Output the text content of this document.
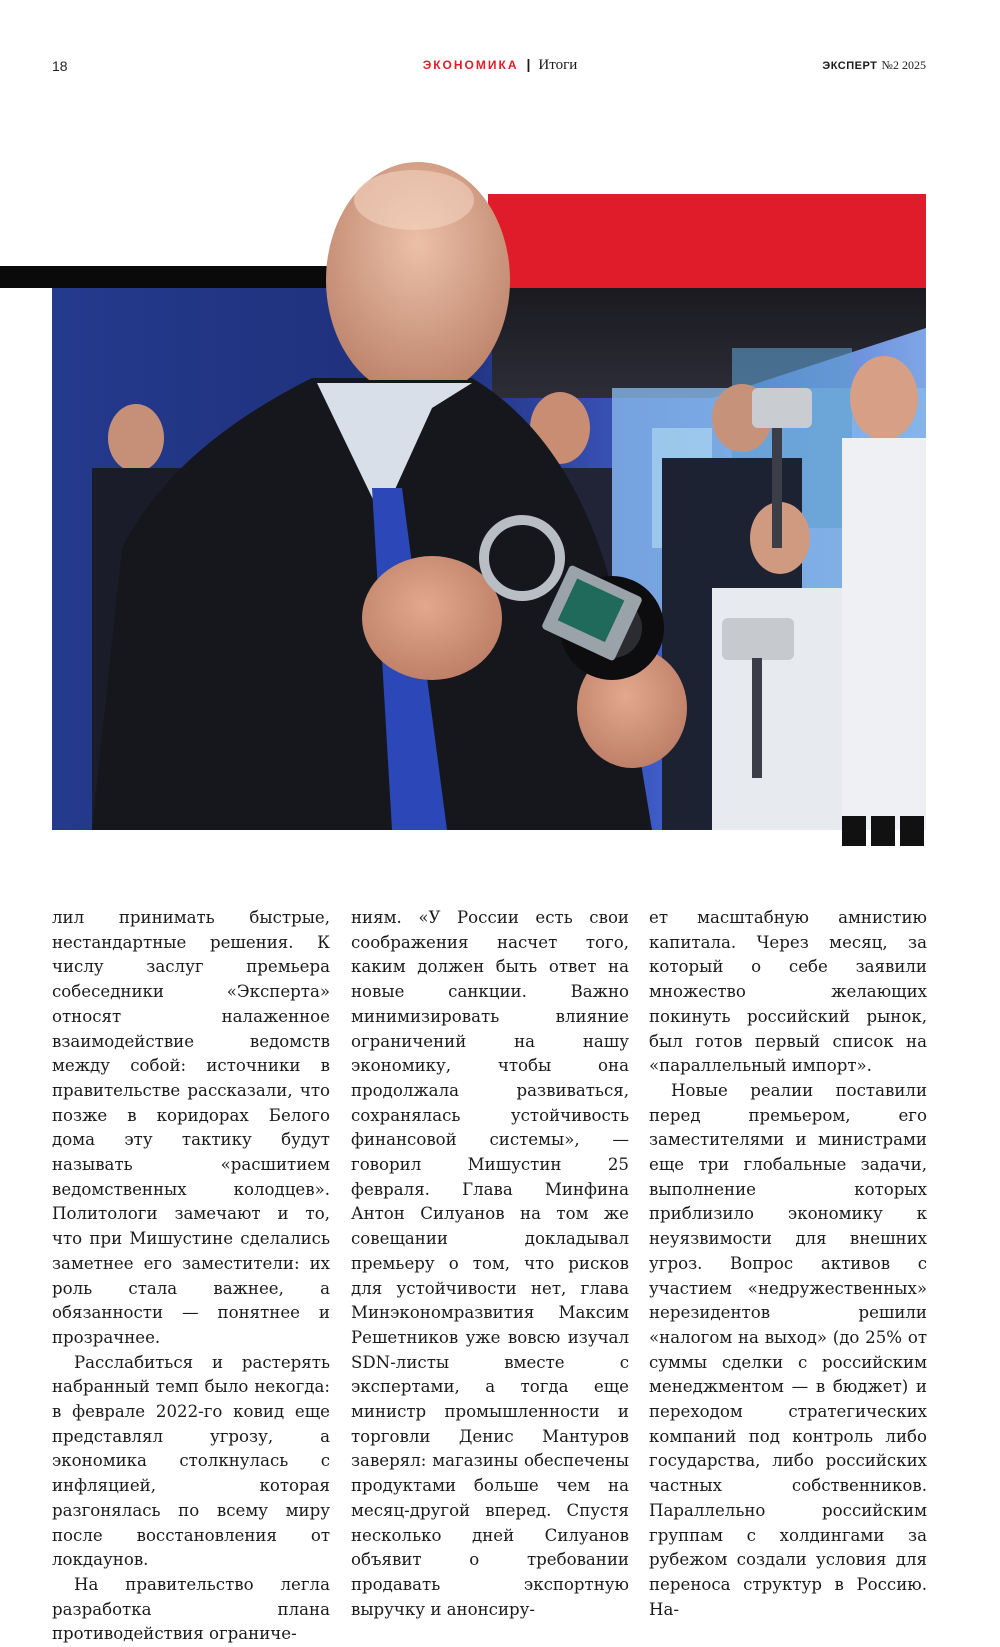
18	ЭКОНОМИКА | Итоги	ЭКСПЕРТ №2 2025

лил принимать быстрые, нестандартные решения. К числу заслуг премьера собеседники «Эксперта» относят налаженное взаимодействие ведомств между собой: источники в правительстве рассказали, что позже в коридорах Белого дома эту тактику будут называть «расшитием ведомственных колодцев». Политологи замечают и то, что при Мишустине сделались заметнее его заместители: их роль стала важнее, а обязанности — понятнее и прозрачнее.

Расслабиться и растерять набранный темп было некогда: в феврале 2022-го ковид еще представлял угрозу, а экономика столкнулась с инфляцией, которая разгонялась по всему миру после восстановления от локдаунов.

На правительство легла разработка плана противодействия ограниче-

ниям. «У России есть свои соображения насчет того, каким должен быть ответ на новые санкции. Важно минимизировать влияние ограничений на нашу экономику, чтобы она продолжала развиваться, сохранялась устойчивость финансовой системы», — говорил Мишустин 25 февраля. Глава Минфина Антон Силуанов на том же совещании докладывал премьеру о том, что рисков для устойчивости нет, глава Минэкономразвития Максим Решетников уже вовсю изучал SDN-листы вместе с экспертами, а тогда еще министр промышленности и торговли Денис Мантуров заверял: магазины обеспечены продуктами больше чем на месяц-другой вперед. Спустя несколько дней Силуанов объявит о требовании продавать экспортную выручку и анонсиру-

ет масштабную амнистию капитала. Через месяц, за который о себе заявили множество желающих покинуть российский рынок, был готов первый список на «параллельный импорт».

Новые реалии поставили перед премьером, его заместителями и министрами еще три глобальные задачи, выполнение которых приблизило экономику к неуязвимости для внешних угроз. Вопрос активов с участием «недружественных» нерезидентов решили «налогом на выход» (до 25% от суммы сделки с российским менеджментом — в бюджет) и переходом стратегических компаний под контроль либо государства, либо российских частных собственников. Параллельно российским группам с холдингами за рубежом создали условия для переноса структур в Россию. На-
